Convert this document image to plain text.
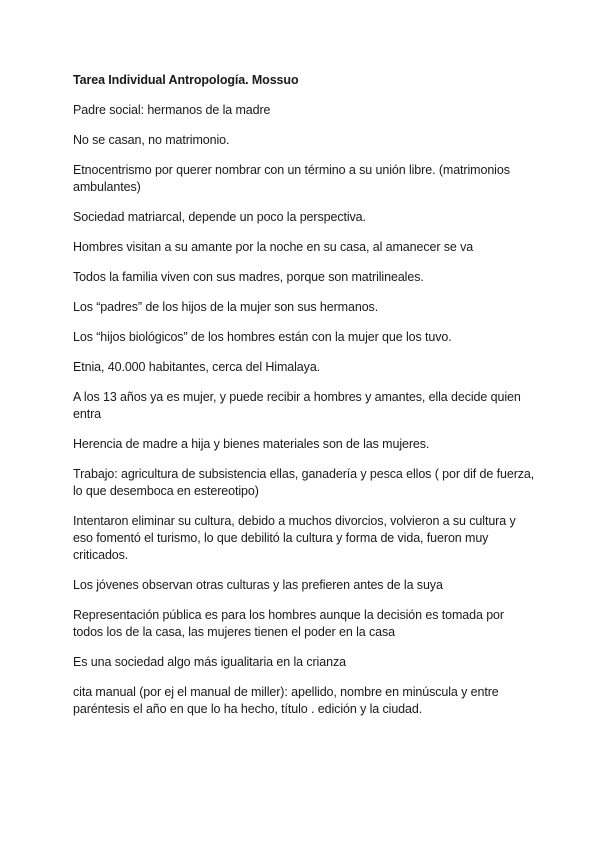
Tarea Individual Antropología. Mossuo

Padre social: hermanos de la madre

No se casan, no matrimonio.

Etnocentrismo por querer nombrar con un término a su unión libre. (matrimonios ambulantes)

Sociedad matriarcal, depende un poco la perspectiva.

Hombres visitan a su amante por la noche en su casa, al amanecer se va

Todos la familia viven con sus madres, porque son matrilineales.

Los “padres” de los hijos de la mujer son sus hermanos.

Los “hijos biológicos” de los hombres están con la mujer que los tuvo.

Etnia, 40.000 habitantes, cerca del Himalaya.

A los 13 años ya es mujer, y puede recibir a hombres y amantes, ella decide quien entra

Herencia de madre a hija y bienes materiales son de las mujeres.

Trabajo: agricultura de subsistencia ellas, ganadería y pesca ellos ( por dif de fuerza, lo que desemboca en estereotipo)

Intentaron eliminar su cultura, debido a muchos divorcios, volvieron a su cultura y eso fomentó el turismo, lo que debilitó la cultura y forma de vida, fueron muy criticados.

Los jóvenes observan otras culturas y las prefieren antes de la suya

Representación pública es para los hombres aunque la decisión es tomada por todos los de la casa, las mujeres tienen el poder en la casa

Es una sociedad algo más igualitaria en la crianza

cita manual (por ej el manual de miller): apellido, nombre en minúscula y entre paréntesis el año en que lo ha hecho, título . edición y la ciudad.
